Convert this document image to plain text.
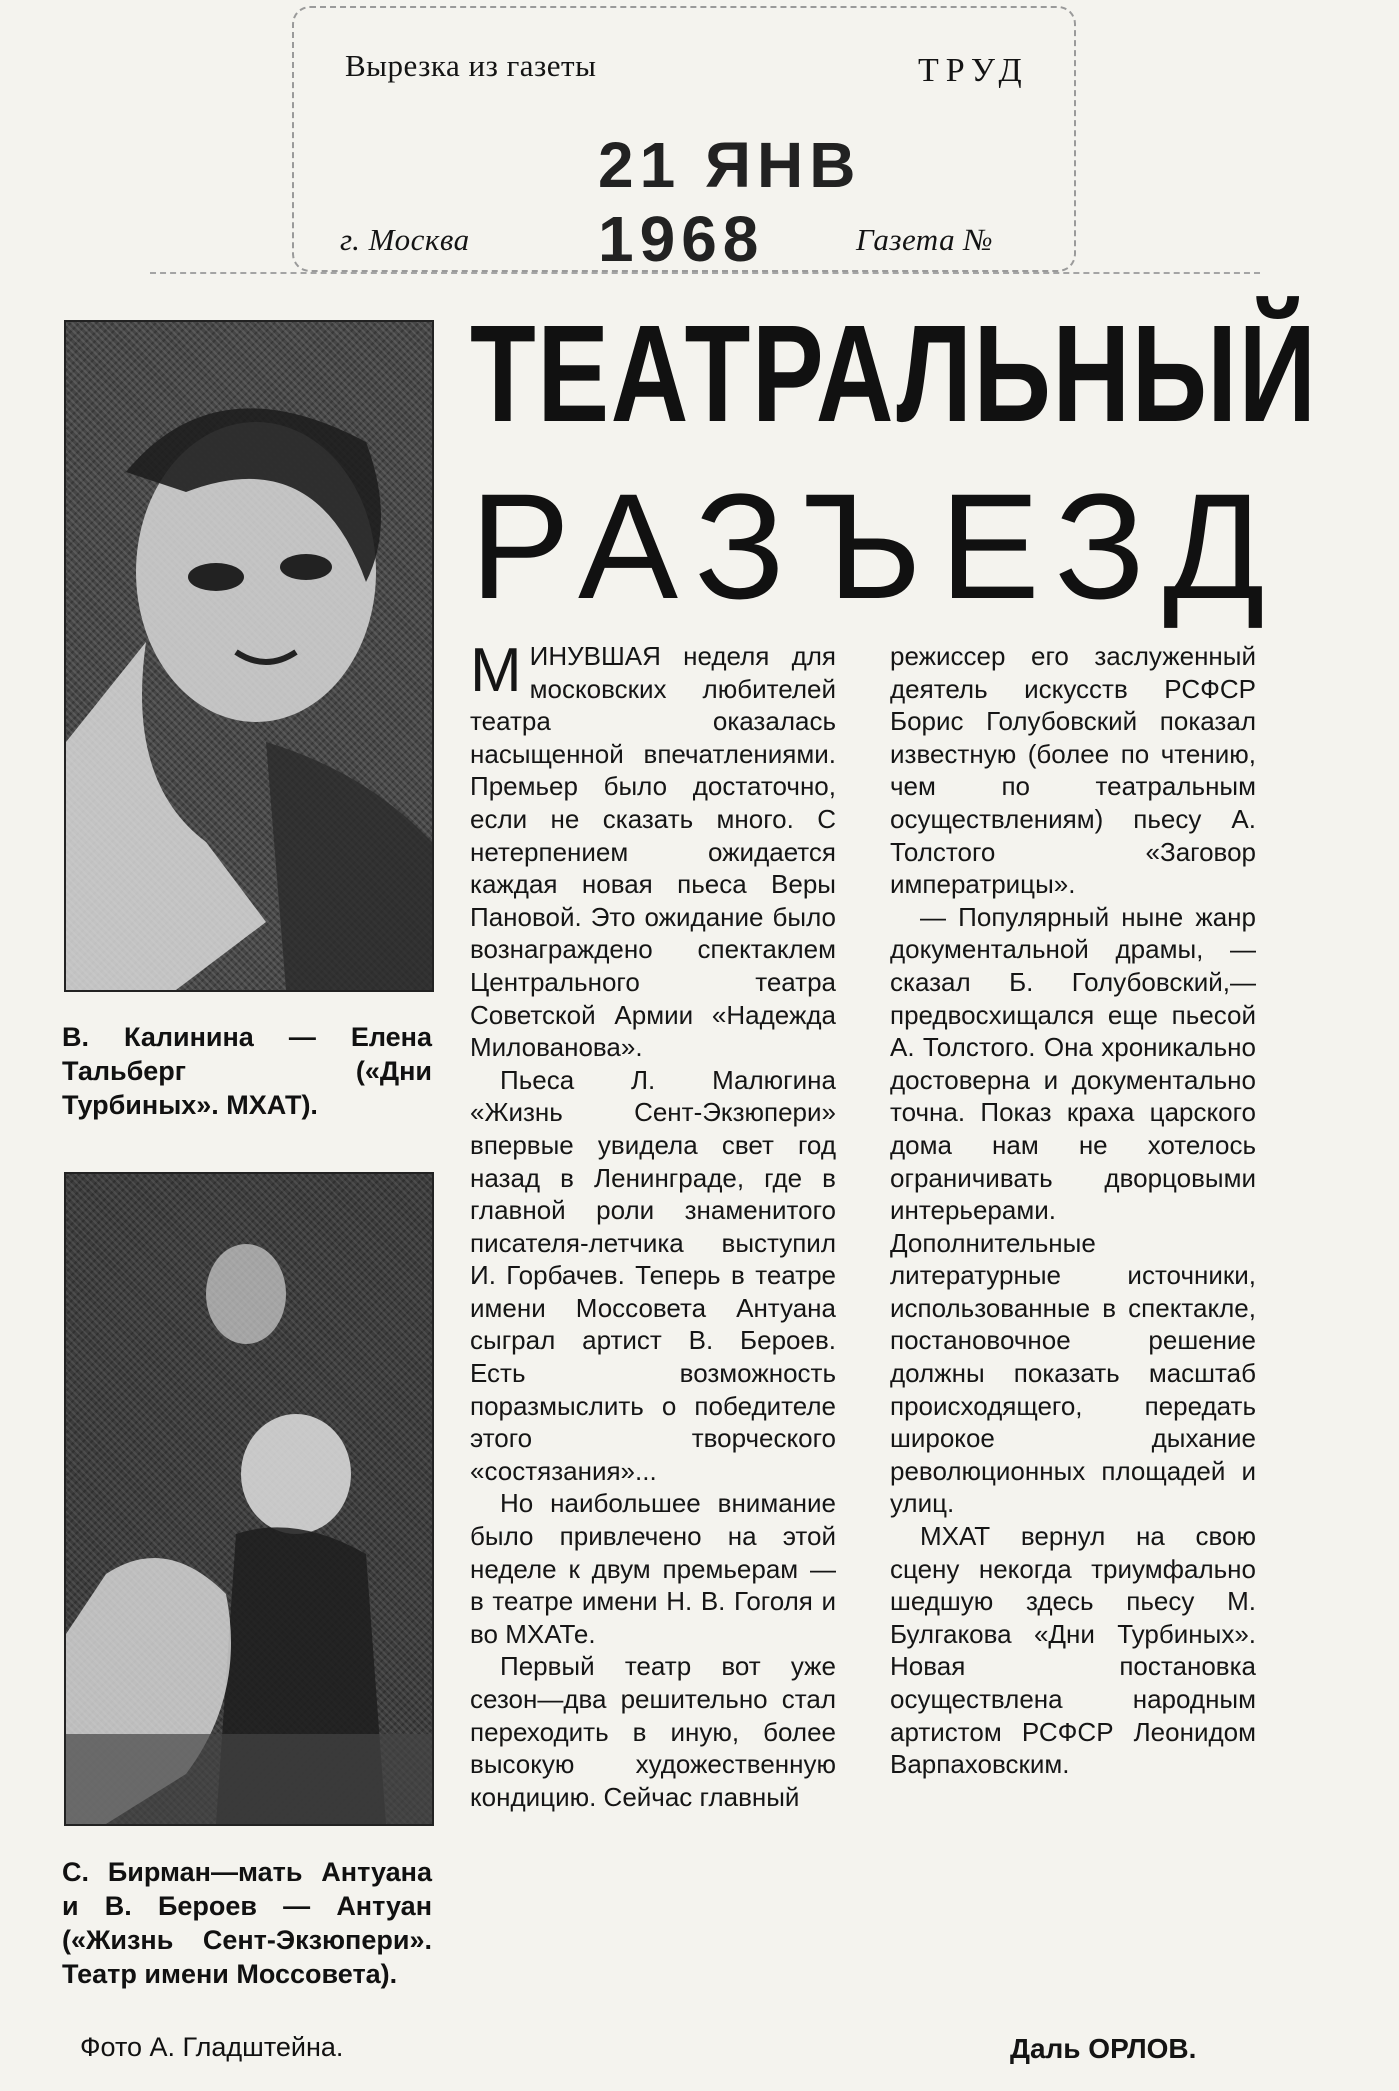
Вырезка из газеты	ТРУД
21 ЯНВ 1968
г. Москва	Газета №
ТЕАТРАЛЬНЫЙ
РАЗЪЕЗД
В. Калинина — Елена Тальберг («Дни Турбиных». МХАТ).
С. Бирман—мать Антуана и В. Бероев — Антуан («Жизнь Сент-Экзюпери». Театр имени Моссовета).
Фото А. Гладштейна.

МИНУВШАЯ неделя для московских любителей театра оказалась насыщенной впечатлениями. Премьер было достаточно, если не сказать много. С нетерпением ожидается каждая новая пьеса Веры Пановой. Это ожидание было вознаграждено спектаклем Центрального театра Советской Армии «Надежда Милованова».

Пьеса Л. Малюгина «Жизнь Сент-Экзюпери» впервые увидела свет год назад в Ленинграде, где в главной роли знаменитого писателя-летчика выступил И. Горбачев. Теперь в театре имени Моссовета Антуана сыграл артист В. Бероев. Есть возможность поразмыслить о победителе этого творческого «состязания»...

Но наибольшее внимание было привлечено на этой неделе к двум премьерам — в театре имени Н. В. Гоголя и во МХАТе.

Первый театр вот уже сезон—два решительно стал переходить в иную, более высокую художественную кондицию. Сейчас главный

режиссер его заслуженный деятель искусств РСФСР Борис Голубовский показал известную (более по чтению, чем по театральным осуществлениям) пьесу А. Толстого «Заговор императрицы».

— Популярный ныне жанр документальной драмы, — сказал Б. Голубовский,— предвосхищался еще пьесой А. Толстого. Она хроникально достоверна и документально точна. Показ краха царского дома нам не хотелось ограничивать дворцовыми интерьерами. Дополнительные литературные источники, использованные в спектакле, постановочное решение должны показать масштаб происходящего, передать широкое дыхание революционных площадей и улиц.

МХАТ вернул на свою сцену некогда триумфально шедшую здесь пьесу М. Булгакова «Дни Турбиных». Новая постановка осуществлена народным артистом РСФСР Леонидом Варпаховским.

Даль ОРЛОВ.
